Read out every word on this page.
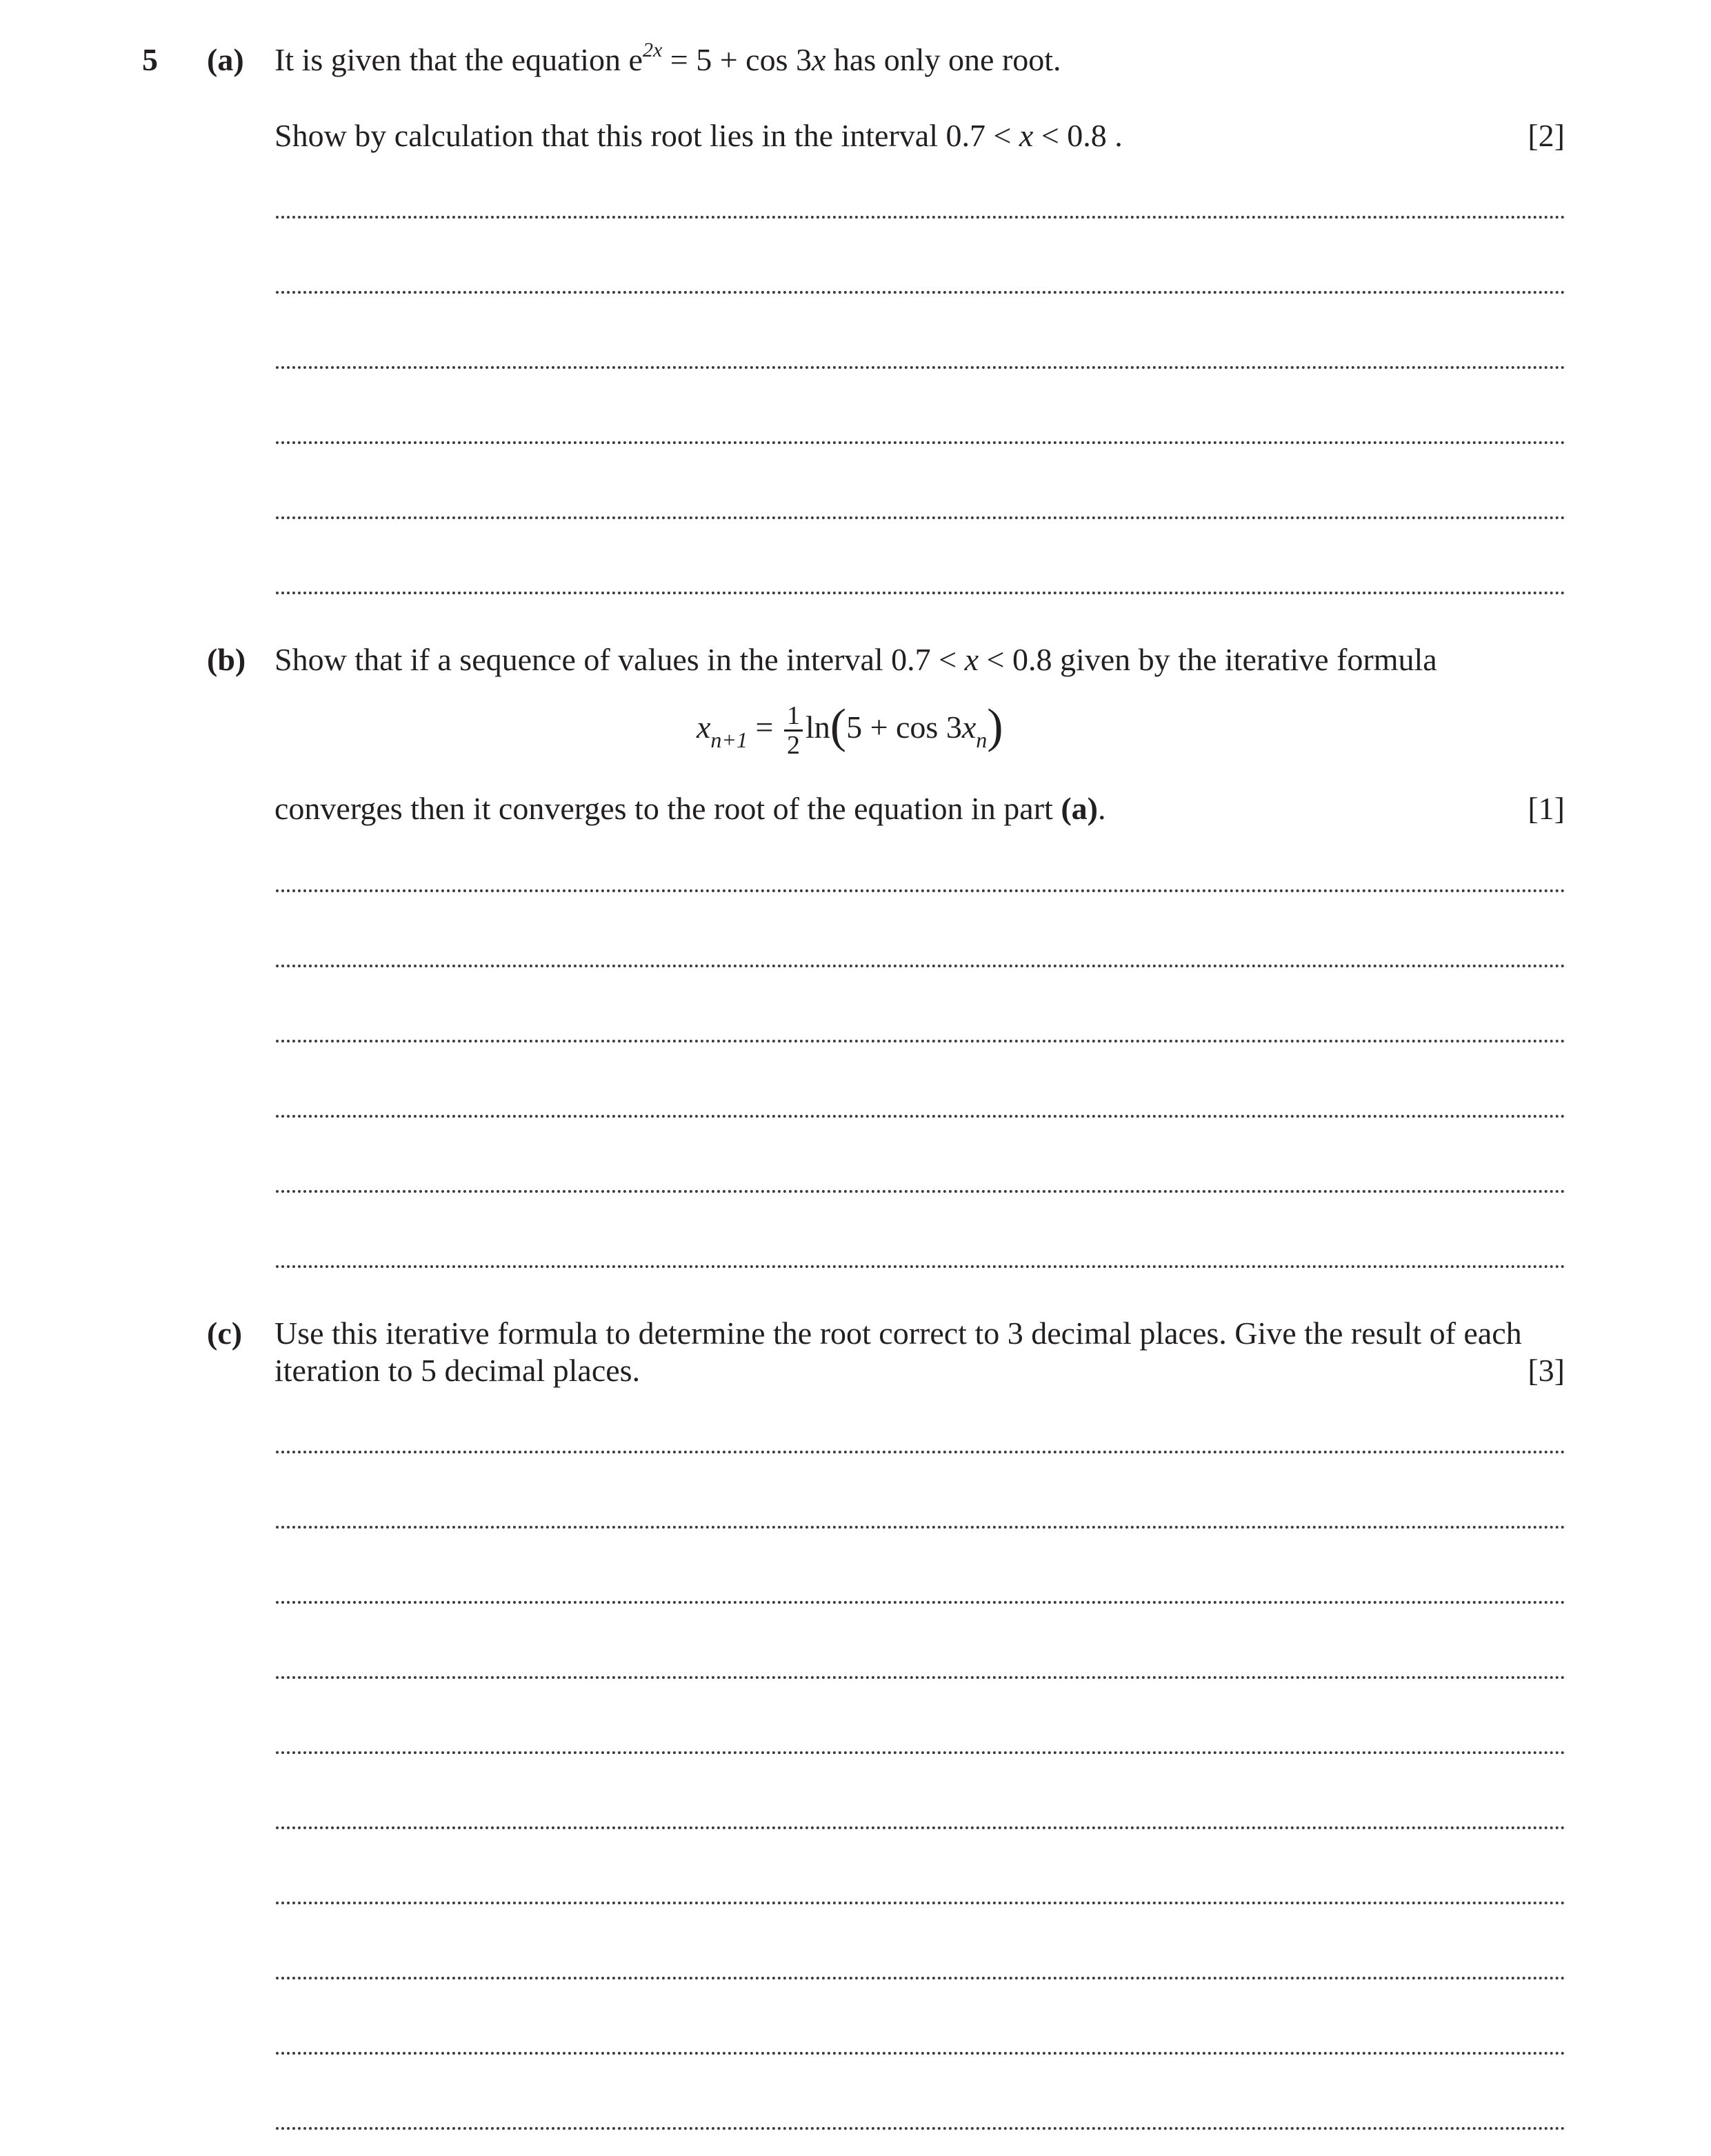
5 (a) It is given that the equation $e^{2x} = 5 + \cos 3x$ has only one root.
Show by calculation that this root lies in the interval 0.7 < x < 0.8 .	[2]
(b) Show that if a sequence of values in the interval 0.7 < x < 0.8 given by the iterative formula
$x_{n+1} = \frac{1}{2} \ln(5 + \cos 3x_n)$
converges then it converges to the root of the equation in part (a).	[1]
(c) Use this iterative formula to determine the root correct to 3 decimal places. Give the result of each
iteration to 5 decimal places.	[3]
